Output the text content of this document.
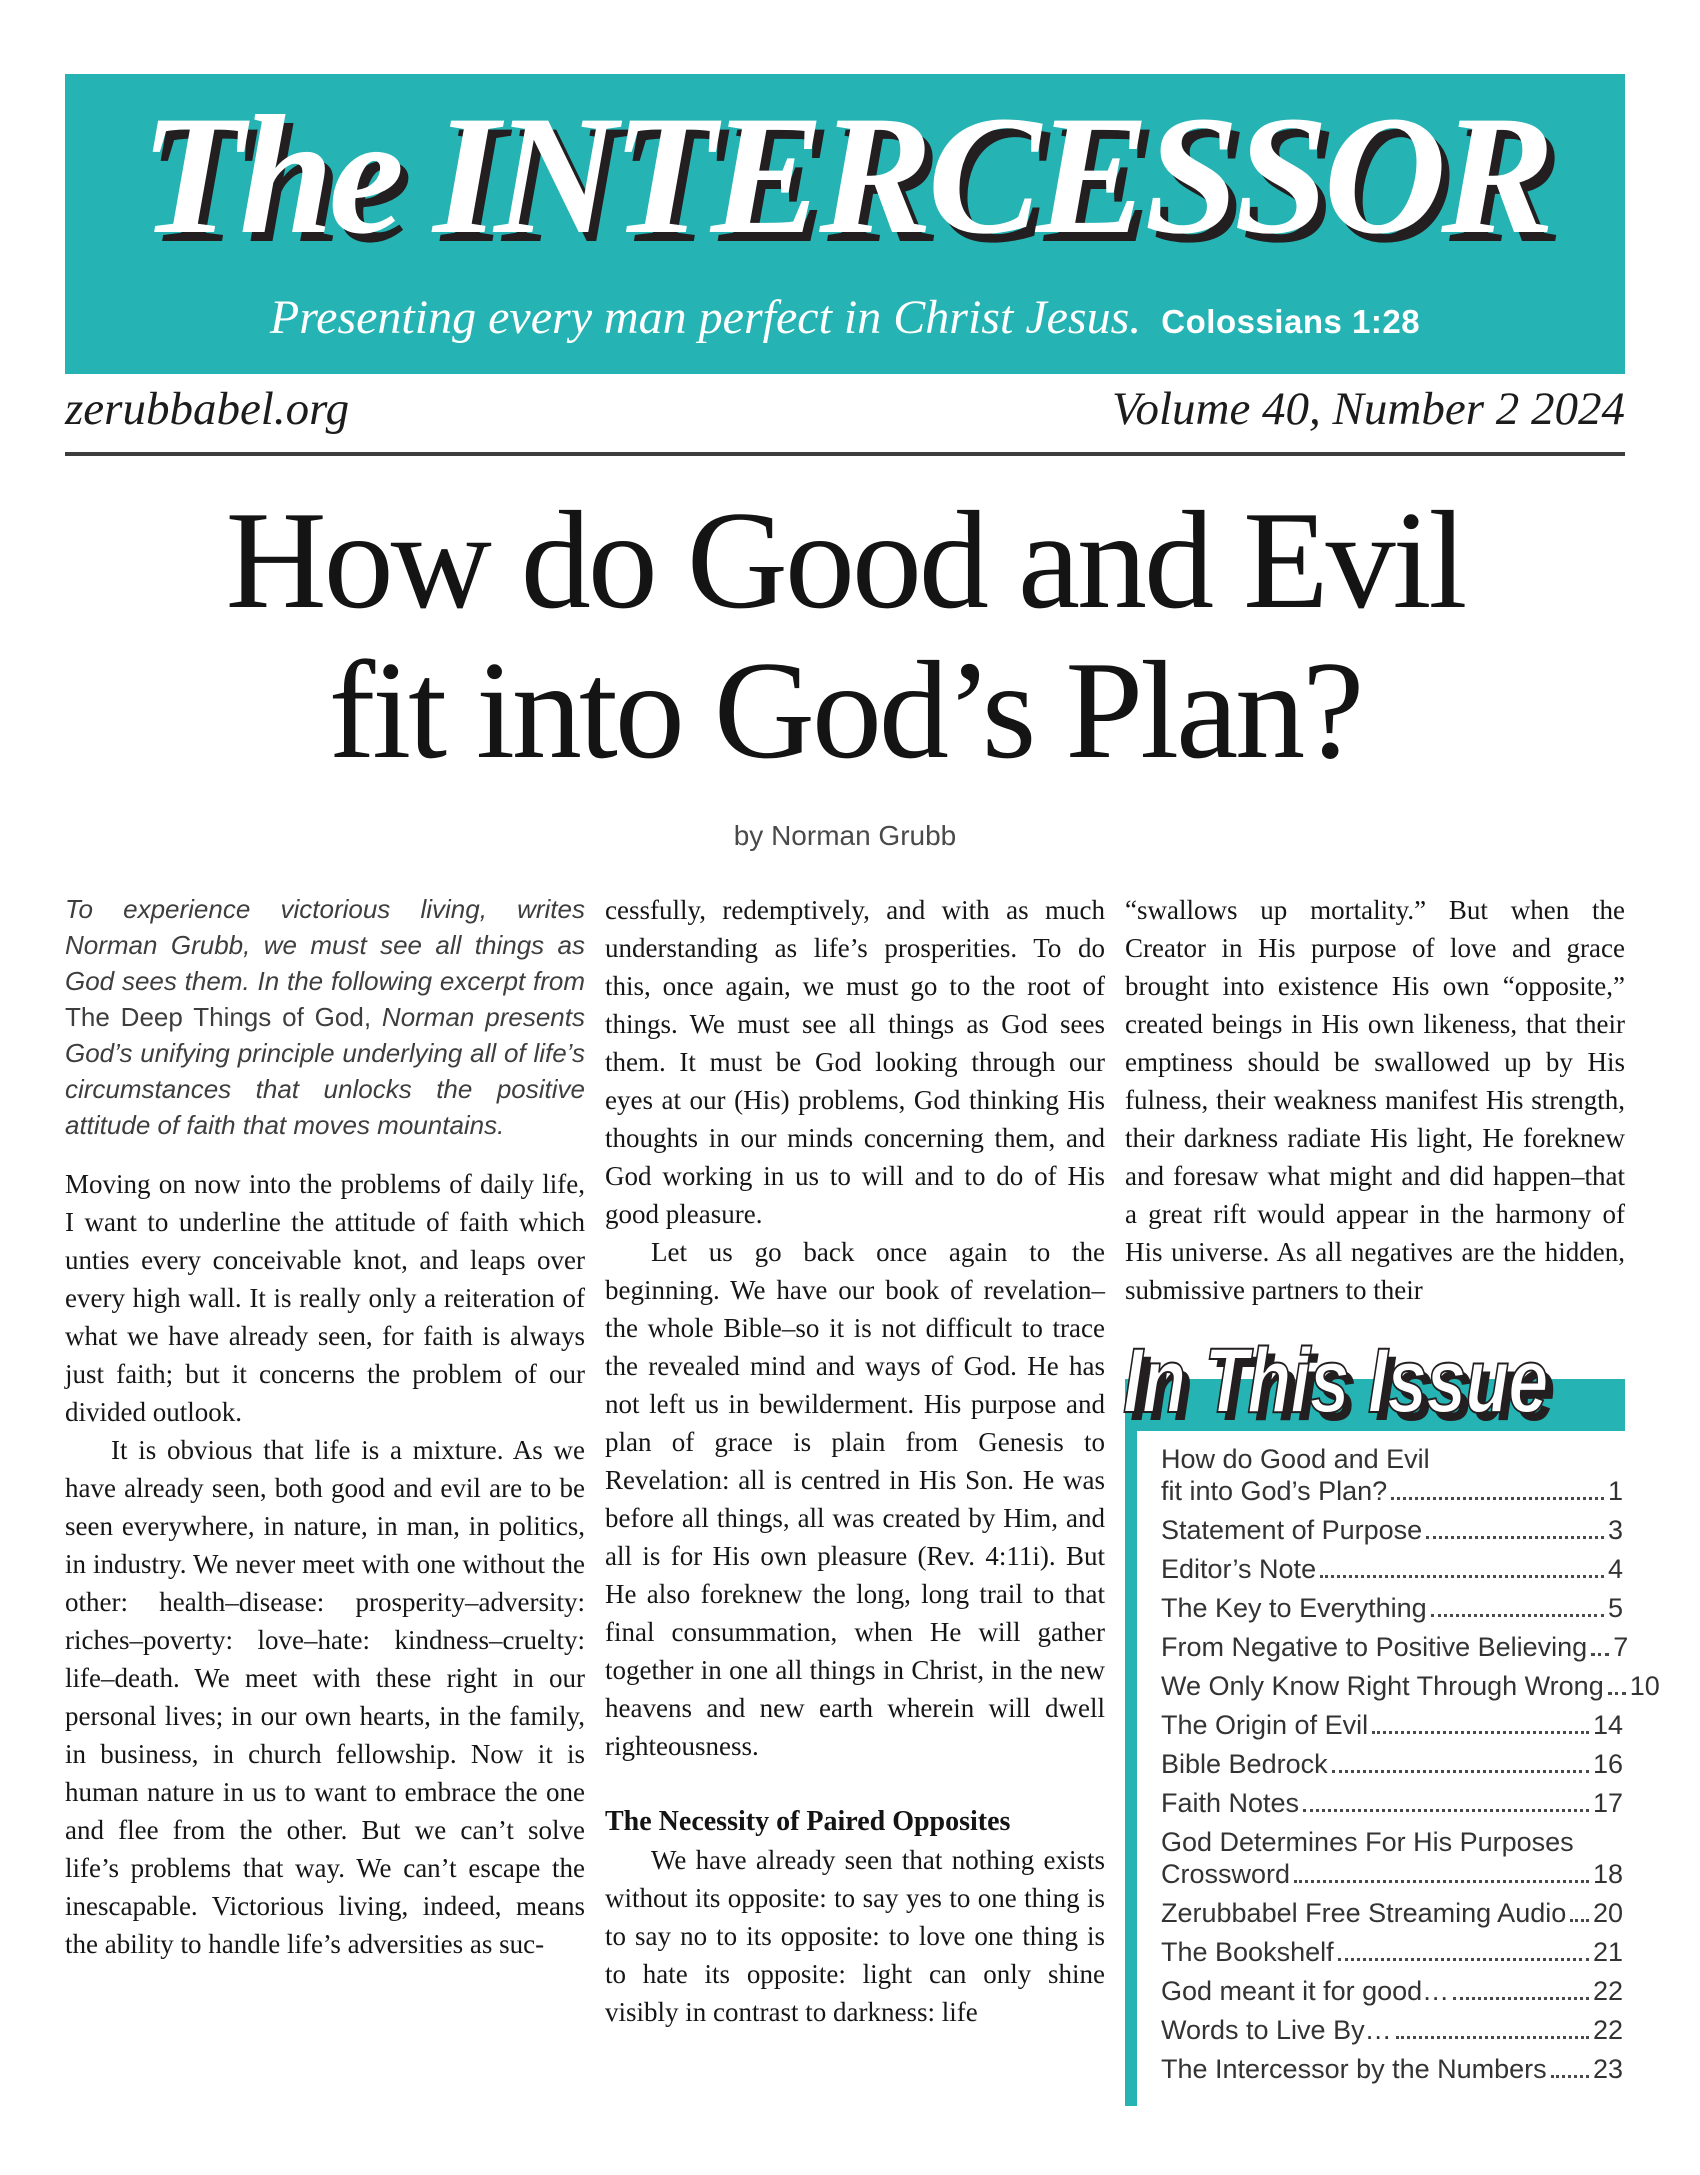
The INTERCESSOR
Presenting every man perfect in Christ Jesus. Colossians 1:28
zerubbabel.org	Volume 40, Number 2 2024
How do Good and Evil
fit into God’s Plan?
by Norman Grubb

To experience victorious living, writes Norman Grubb, we must see all things as God sees them. In the following excerpt from The Deep Things of God, Norman presents God’s unifying principle underlying all of life’s circumstances that unlocks the positive attitude of faith that moves mountains.

Moving on now into the problems of daily life, I want to underline the attitude of faith which unties every conceivable knot, and leaps over every high wall. It is really only a reiteration of what we have already seen, for faith is always just faith; but it concerns the problem of our divided outlook.

It is obvious that life is a mixture. As we have already seen, both good and evil are to be seen everywhere, in nature, in man, in politics, in industry. We never meet with one without the other: health–disease: prosperity–adversity: riches–poverty: love–hate: kindness–cruelty: life–death. We meet with these right in our personal lives; in our own hearts, in the family, in business, in church fellowship. Now it is human nature in us to want to embrace the one and flee from the other. But we can’t solve life’s problems that way. We can’t escape the inescapable. Victorious living, indeed, means the ability to handle life’s adversities as suc-

cessfully, redemptively, and with as much understanding as life’s prosperities. To do this, once again, we must go to the root of things. We must see all things as God sees them. It must be God looking through our eyes at our (His) problems, God thinking His thoughts in our minds concerning them, and God working in us to will and to do of His good pleasure.

Let us go back once again to the beginning. We have our book of revelation–the whole Bible–so it is not difficult to trace the revealed mind and ways of God. He has not left us in bewilderment. His purpose and plan of grace is plain from Genesis to Revelation: all is centred in His Son. He was before all things, all was created by Him, and all is for His own pleasure (Rev. 4:11i). But He also foreknew the long, long trail to that final consummation, when He will gather together in one all things in Christ, in the new heavens and new earth wherein will dwell righteousness.

The Necessity of Paired Opposites

We have already seen that nothing exists without its opposite: to say yes to one thing is to say no to its opposite: to love one thing is to hate its opposite: light can only shine visibly in contrast to darkness: life

“swallows up mortality.” But when the Creator in His purpose of love and grace brought into existence His own “opposite,” created beings in His own likeness, that their emptiness should be swallowed up by His fulness, their weakness manifest His strength, their darkness radiate His light, He foreknew and foresaw what might and did happen–that a great rift would appear in the harmony of His universe. As all negatives are the hidden, submissive partners to their

In This Issue
How do Good and Evil
fit into God’s Plan?	1
Statement of Purpose	3
Editor’s Note	4
The Key to Everything	5
From Negative to Positive Believing 7
We Only Know Right Through Wrong 10
The Origin of Evil	14
Bible Bedrock	16
Faith Notes	17
God Determines For His Purposes
Crossword	18
Zerubbabel Free Streaming Audio 20
The Bookshelf	21
God meant it for good…	22
Words to Live By…	22
The Intercessor by the Numbers 23
